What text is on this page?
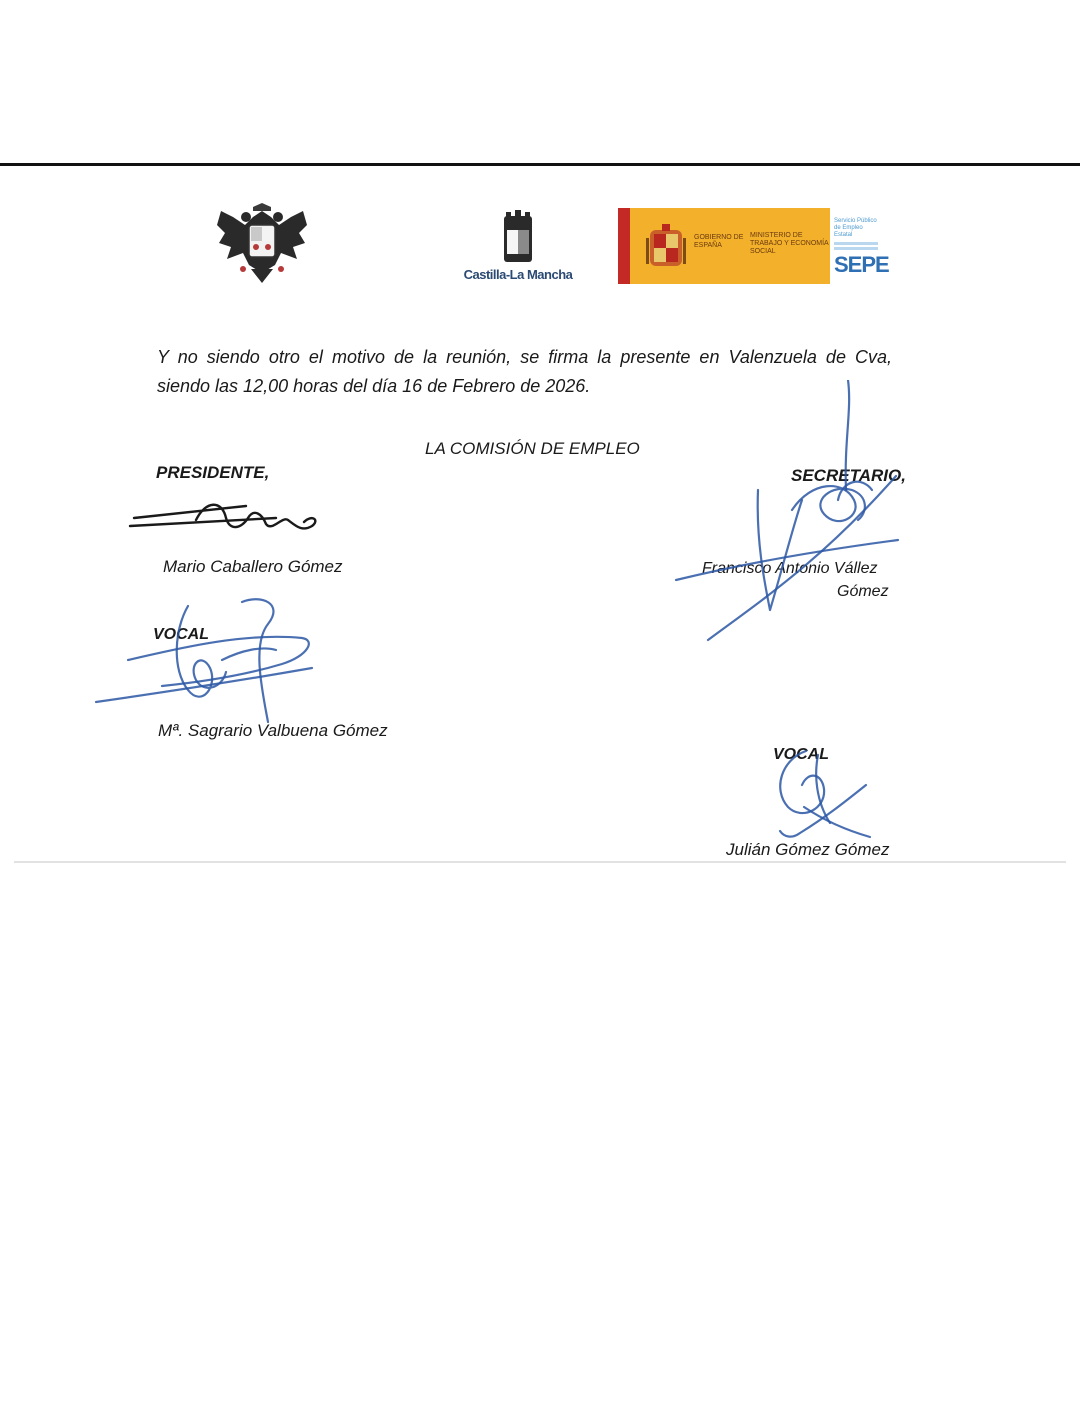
Castilla-La Mancha
GOBIERNO DE ESPAÑA
MINISTERIO DE TRABAJO Y ECONOMÍA SOCIAL
Servicio Público de Empleo Estatal
SEPE
Y no siendo otro el motivo de la reunión, se firma la presente en Valenzuela de Cva,
siendo las 12,00 horas del día 16 de Febrero de 2026.
LA COMISIÓN DE EMPLEO
PRESIDENTE,	SECRETARIO,
Mario Caballero Gómez	Francisco Antonio Vállez
Gómez
VOCAL
Mª. Sagrario Valbuena Gómez
VOCAL
Julián Gómez Gómez
